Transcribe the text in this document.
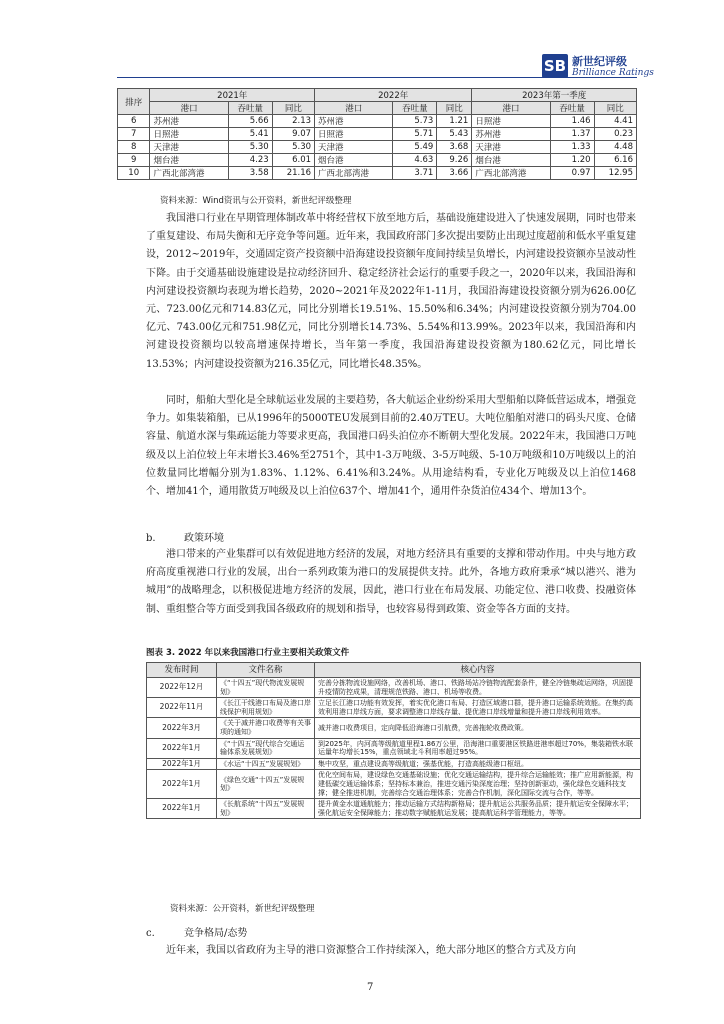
SB 新世纪评级
Brilliance Ratings
排序	2021年			2022年			2023年第一季度		
	港口	吞吐量	同比	港口	吞吐量	同比	港口	吞吐量	同比
6	苏州港	5.66	2.13	苏州港	5.73	1.21	日照港	1.46	4.41
7	日照港	5.41	9.07	日照港	5.71	5.43	苏州港	1.37	0.23
8	天津港	5.30	5.30	天津港	5.49	3.68	天津港	1.33	4.48
9	烟台港	4.23	6.01	烟台港	4.63	9.26	烟台港	1.20	6.16
10	广西北部湾港	3.58	21.16	广西北部湾港	3.71	3.66	广西北部湾港	0.97	12.95
资料来源：Wind资讯与公开资料，新世纪评级整理

我国港口行业在早期管理体制改革中将经营权下放至地方后，基础设施建设进入了快速发展期，同时也带来了重复建设、布局失衡和无序竞争等问题。近年来，我国政府部门多次提出要防止出现过度超前和低水平重复建设，2012~2019年，交通固定资产投资额中沿海建设投资额年度间持续呈负增长，内河建设投资额亦呈波动性下降。由于交通基础设施建设是拉动经济回升、稳定经济社会运行的重要手段之一，2020年以来，我国沿海和内河建设投资额均表现为增长趋势，2020~2021年及2022年1-11月，我国沿海建设投资额分别为626.00亿元、723.00亿元和714.83亿元，同比分别增长19.51%、15.50%和6.34%；内河建设投资额分别为704.00亿元、743.00亿元和751.98亿元，同比分别增长14.73%、5.54%和13.99%。2023年以来，我国沿海和内河建设投资额均以较高增速保持增长，当年第一季度，我国沿海建设投资额为180.62亿元，同比增长13.53%；内河建设投资额为216.35亿元，同比增长48.35%。

同时，船舶大型化是全球航运业发展的主要趋势，各大航运企业纷纷采用大型船舶以降低营运成本，增强竞争力。如集装箱船，已从1996年的5000TEU发展到目前的2.40万TEU。大吨位船舶对港口的码头尺度、仓储容量、航道水深与集疏运能力等要求更高，我国港口码头泊位亦不断朝大型化发展。2022年末，我国港口万吨级及以上泊位较上年末增长3.46%至2751个，其中1-3万吨级、3-5万吨级、5-10万吨级和10万吨级以上的泊位数量同比增幅分别为1.83%、1.12%、6.41%和3.24%。从用途结构看，专业化万吨级及以上泊位1468个、增加41个，通用散货万吨级及以上泊位637个、增加41个，通用件杂货泊位434个、增加13个。

b.	政策环境

港口带来的产业集群可以有效促进地方经济的发展，对地方经济具有重要的支撑和带动作用。中央与地方政府高度重视港口行业的发展，出台一系列政策为港口的发展提供支持。此外，各地方政府秉承“城以港兴、港为城用”的战略理念，以积极促进地方经济的发展，因此，港口行业在布局发展、功能定位、港口收费、投融资体制、重组整合等方面受到我国各级政府的规划和指导，也较容易得到政策、资金等各方面的支持。

图表 3. 2022 年以来我国港口行业主要相关政策文件
发布时间	文件名称	核心内容
2022年12月	《“十四五”现代物流发展规划》	完善分拣物流设施网络，改善机场、港口、铁路场站冷链物流配套条件，健全冷链集疏运网络，巩固提升疫情防控成果，清理规范铁路、港口、机场等收费。
2022年11月	《长江干线港口布局及港口岸线保护利用规划》	立足长江港口功能有效发挥，着实优化港口布局、打造区域港口群，提升港口运输系统效能。在集约高效利用港口岸线方面，要求调整港口岸线存量、提优港口岸线增量和提升港口岸线利用效率。
2022年3月	《关于减并港口收费等有关事项的通知》	减并港口收费项目，定向降低沿海港口引航费，完善拖轮收费政策。
2022年1月	《“十四五”现代综合交通运输体系发展规划》	到2025年，内河高等级航道里程1.86万公里，沿海港口重要港区铁路进港率超过70%，集装箱铁水联运量年均增长15%，重点领域北斗利用率超过95%。
2022年1月	《水运“十四五”发展规划》	集中攻坚，重点建设高等级航道；强基优能，打造高能级港口枢纽。
2022年1月	《绿色交通“十四五”发展规划》	优化空间布局，建设绿色交通基础设施；优化交通运输结构，提升综合运输能效；推广应用新能源，构建低碳交通运输体系；坚持标本兼治，推进交通污染深度治理；坚持创新驱动，强化绿色交通科技支撑；健全推进机制，完善综合交通治理体系；完善合作机制，深化国际交流与合作，等等。
2022年1月	《长航系统“十四五”发展规划》	提升黄金水道通航能力；推动运输方式结构新格局；提升航运公共服务品质；提升航运安全保障水平；强化航运安全保障能力；推动数字赋能航运发展；提高航运科学管理能力，等等。
资料来源：公开资料，新世纪评级整理
c.	竞争格局/态势

近年来，我国以省政府为主导的港口资源整合工作持续深入，绝大部分地区的整合方式及方向

7
